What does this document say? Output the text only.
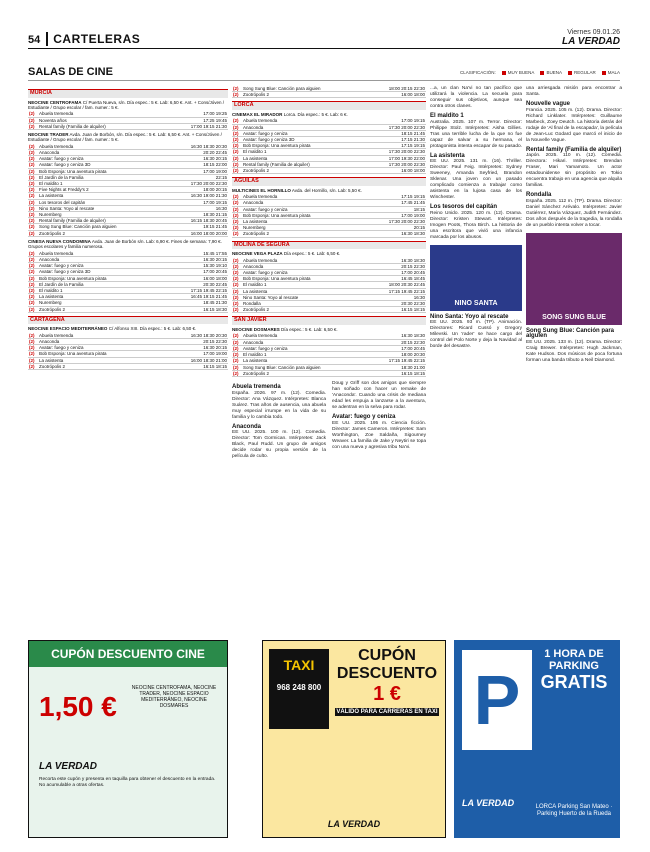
54	CARTELERAS	Viernes 09.01.26
LA VERDAD
SALAS DE CINE	CLASIFICACIÓN:	MUY BUENA	BUENA	REGULAR	MALA
MURCIA
NEOCINE CENTROFAMA C/ Puerta Nueva, s/n. Día espec.: 5 €. Lab: 6,50 €. Ant. + Cons/Jóven / Estudiante / Grupo escolar / fam. numer.: 5 €.
(2)	Abuela tremenda	17:00 19:25
(2)	Noventa años	17:25 19:45
(2)	Rental family (Familia de alquiler)	17:00 19:15 21:30
NEOCINE TRADER Avda. Juan de Borbón, s/n. Día espec.: 5 €. Lab: 6,50 €. Ant. + Cons/Jóven / Estudiante / Grupo escolar / fam. numer.: 5 €.
(2)	Abuela tremenda	16:30 18:30 20:30
(2)	Anaconda	20:20 22:45
(2)	Avatar: fuego y ceniza	16:30 20:15
(2)	Avatar: fuego y ceniza 3D	18:15 22:00
(2)	Bob Esponja: Una aventura pirata	17:00 19:00
(2)	El Jardín de la Familia	22:15
(2)	El maldito 1	17:30 20:00 22:30
(2)	Five Nights at Freddy's 2	18:00 20:15
(2)	La asistenta	16:30 19:00 21:30
(2)	Los tesoros del capitán	17:00 19:15
(2)	Nino Santa: Yoyo al rescate	16:30
(2)	Nuremberg	18:30 21:15
(2)	Rental family (Familia de alquiler)	16:15 18:30 20:45
(2)	Song Sung Blue: Canción para alguien	19:15 21:45
(2)	Zootrópolis 2	16:00 18:00 20:00
CINESA NUEVA CONDOMINA Avda. Juan de Borbón s/n. Lab: 6,90 €. Fines de semana: 7,90 €. Grupos escolares y familia numerosa.
(2)	Abuela tremenda	15:45 17:55
(2)	Anaconda	16:30 20:15
(2)	Avatar: fuego y ceniza	15:30 19:10
(2)	Avatar: fuego y ceniza 3D	17:00 20:45
(2)	Bob Esponja: Una aventura pirata	16:00 18:00
(2)	El Jardín de la Familia	20:30 22:45
(2)	El maldito 1	17:15 19:45 22:15
(2)	La asistenta	16:45 19:15 21:45
(2)	Nuremberg	18:45 21:30
(2)	Zootrópolis 2	16:15 18:30
CARTAGENA
NEOCINE ESPACIO MEDITERRÁNEO C/ Alfonso XIII. Día espec.: 5 €. Lab: 6,50 €.
(2)	Abuela tremenda	16:30 18:30 20:30
(2)	Anaconda	20:15 22:30
(2)	Avatar: fuego y ceniza	16:30 20:15
(2)	Bob Esponja: Una aventura pirata	17:00 19:00
(2)	La asistenta	16:00 18:30 21:00
(2)	Zootrópolis 2	16:15 18:15
(2)	Song Sung Blue: Canción para alguien	18:00 20:15 22:30
(2)	Zootrópolis 2	16:00 18:00
LORCA
CINEMAX EL MIRADOR Lorca. Día espec.: 5 €. Lab: 6 €.
(2)	Abuela tremenda	17:00 19:15
(2)	Anaconda	17:30 20:00 22:30
(2)	Avatar: fuego y ceniza	18:15 21:45
(2)	Avatar: fuego y ceniza 3D	17:15 21:30
(2)	Bob Esponja: Una aventura pirata	17:15 19:15
(2)	El maldito 1	17:30 20:00 22:30
(2)	La asistenta	17:00 19:30 22:00
(2)	Rental family (Familia de alquiler)	17:30 20:00 22:30
(2)	Zootrópolis 2	16:00 18:00
ÁGUILAS
MULTICINES EL HORNILLO Avda. del Hornillo, s/n. Lab: 5,50 €.
(2)	Abuela tremenda	17:15 19:15
(2)	Anaconda	17:45 21:45
(2)	Avatar: fuego y ceniza	18:15
(2)	Bob Esponja: Una aventura pirata	17:00 19:00
(2)	La asistenta	17:30 20:00 22:30
(2)	Nuremberg	20:15
(2)	Zootrópolis 2	16:30 18:30
MOLINA DE SEGURA
NEOCINE VEGA PLAZA Día espec.: 5 €. Lab: 6,50 €.
(2)	Abuela tremenda	16:30 18:30
(2)	Anaconda	20:15 22:30
(2)	Avatar: fuego y ceniza	17:00 20:45
(2)	Bob Esponja: Una aventura pirata	16:45 18:45
(2)	El maldito 1	18:00 20:30 22:45
(2)	La asistenta	17:15 19:45 22:15
(2)	Nino Santa: Yoyo al rescate	16:30
(2)	Rondalla	20:30 22:30
(2)	Zootrópolis 2	16:15 18:15
SAN JAVIER
NEOCINE DOSMARES Día espec.: 5 €. Lab: 6,50 €.
(2)	Abuela tremenda	16:30 18:30
(2)	Anaconda	20:15 22:30
(2)	Avatar: fuego y ceniza	17:00 20:45
(2)	El maldito 1	18:00 20:30
(2)	La asistenta	17:15 19:45 22:15
(2)	Song Sung Blue: Canción para alguien	18:30 21:00
(2)	Zootrópolis 2	16:15 18:15
Abuela tremenda
España. 2026. 97 m. (12). Comedia. Director: Ana Vázquez. Intérpretes: Blanca Suárez. Tras años de ausencia, una abuela muy especial irrumpe en la vida de su familia y lo cambia todo.
Anaconda
EE UU. 2025. 100 m. (12). Comedia. Director: Tom Gormican. Intérpretes: Jack Black, Paul Rudd. Un grupo de amigos decide rodar su propia versión de la película de culto.
Doug y Griff son dos amigos que siempre han soñado con hacer un remake de 'Anaconda'. Cuando una crisis de mediana edad les empuja a lanzarse a la aventura, se adentran en la selva para rodar.
Avatar: fuego y ceniza
EE UU. 2025. 195 m. Ciencia ficción. Director: James Cameron. Intérpretes: Sam Worthington, Zoe Saldaña, Sigourney Weaver. La familia de Jake y Neytiri se topa con una nueva y agresiva tribu Na'vi.
...a, un clan Na'vi no tan pacífico que utilizará la violencia. La secuela para conseguir sus objetivos, aunque sea contra otros clanes.
El maldito 1
Australia. 2025. 107 m. Terror. Director: Philippe Stolz. Intérpretes: Aisha Gillies. Tras una terrible lucha de la que no fue capaz de salvar a su hermana, el protagonista intenta escapar de su pasado.
La asistenta
EE UU. 2025. 131 m. (16). Thriller. Director: Paul Feig. Intérpretes: Sydney Sweeney, Amanda Seyfried, Brandon Sklenar. Una joven con un pasado complicado comienza a trabajar como asistenta en la lujosa casa de los Winchester.
Los tesoros del capitán
Reino Unido. 2025. 120 m. (12). Drama. Director: Kristen Stewart. Intérpretes: Imogen Poots, Thora Birch. La historia de una escritora que vivió una infancia marcada por los abusos.
NINO SANTA
Nino Santa: Yoyo al rescate
EE UU. 2025. 93 m. (TP). Animación. Directores: Ricard Cussó y Gregory Milevski. Un 'rader' se hace cargo del control del Polo Norte y deja la Navidad al borde del desastre.
una arriesgada misión para encontrar a Santa.
Nouvelle vague
Francia. 2025. 105 m. (12). Drama. Director: Richard Linklater. Intérpretes: Guillaume Marbeck, Zoey Deutch. La historia detrás del rodaje de 'Al final de la escapada', la película de Jean-Luc Godard que marcó el inicio de la Nouvelle Vague.
Rental family (Familia de alquiler)
Japón. 2025. 110 m. (12). Comedia. Directora: Hikari. Intérpretes: Brendan Fraser, Mari Yamamoto. Un actor estadounidense sin propósito en Tokio encuentra trabajo en una agencia que alquila familias.
Rondalla
España. 2025. 112 m. (TP). Drama. Director: Daniel Sánchez Arévalo. Intérpretes: Javier Gutiérrez, María Vázquez, Judith Fernández. Dos años después de la tragedia, la rondalla de un pueblo intenta volver a tocar.
SONG SUNG BLUE
Song Sung Blue: Canción para alguien
EE UU. 2025. 133 m. (12). Drama. Director: Craig Brewer. Intérpretes: Hugh Jackman, Kate Hudson. Dos músicos de poca fortuna forman una banda tributo a Neil Diamond.
CUPÓN DESCUENTO CINE
1,50 €
NEOCINE CENTROFAMA, NEOCINE TRADER, NEOCINE ESPACIO MEDITERRÁNEO, NEOCINE DOSMARES
LA VERDAD
Recorta este cupón y presenta en taquilla para obtener el descuento en la entrada. No acumulable a otras ofertas.
TAXI
968 248 800
CUPÓN DESCUENTO
1 €
VÁLIDO PARA CARRERAS EN TAXI
LA VERDAD
P
1 HORA DE PARKING
GRATIS
LA VERDAD	LORCA Parking San Mateo · Parking Huerto de la Rueda
